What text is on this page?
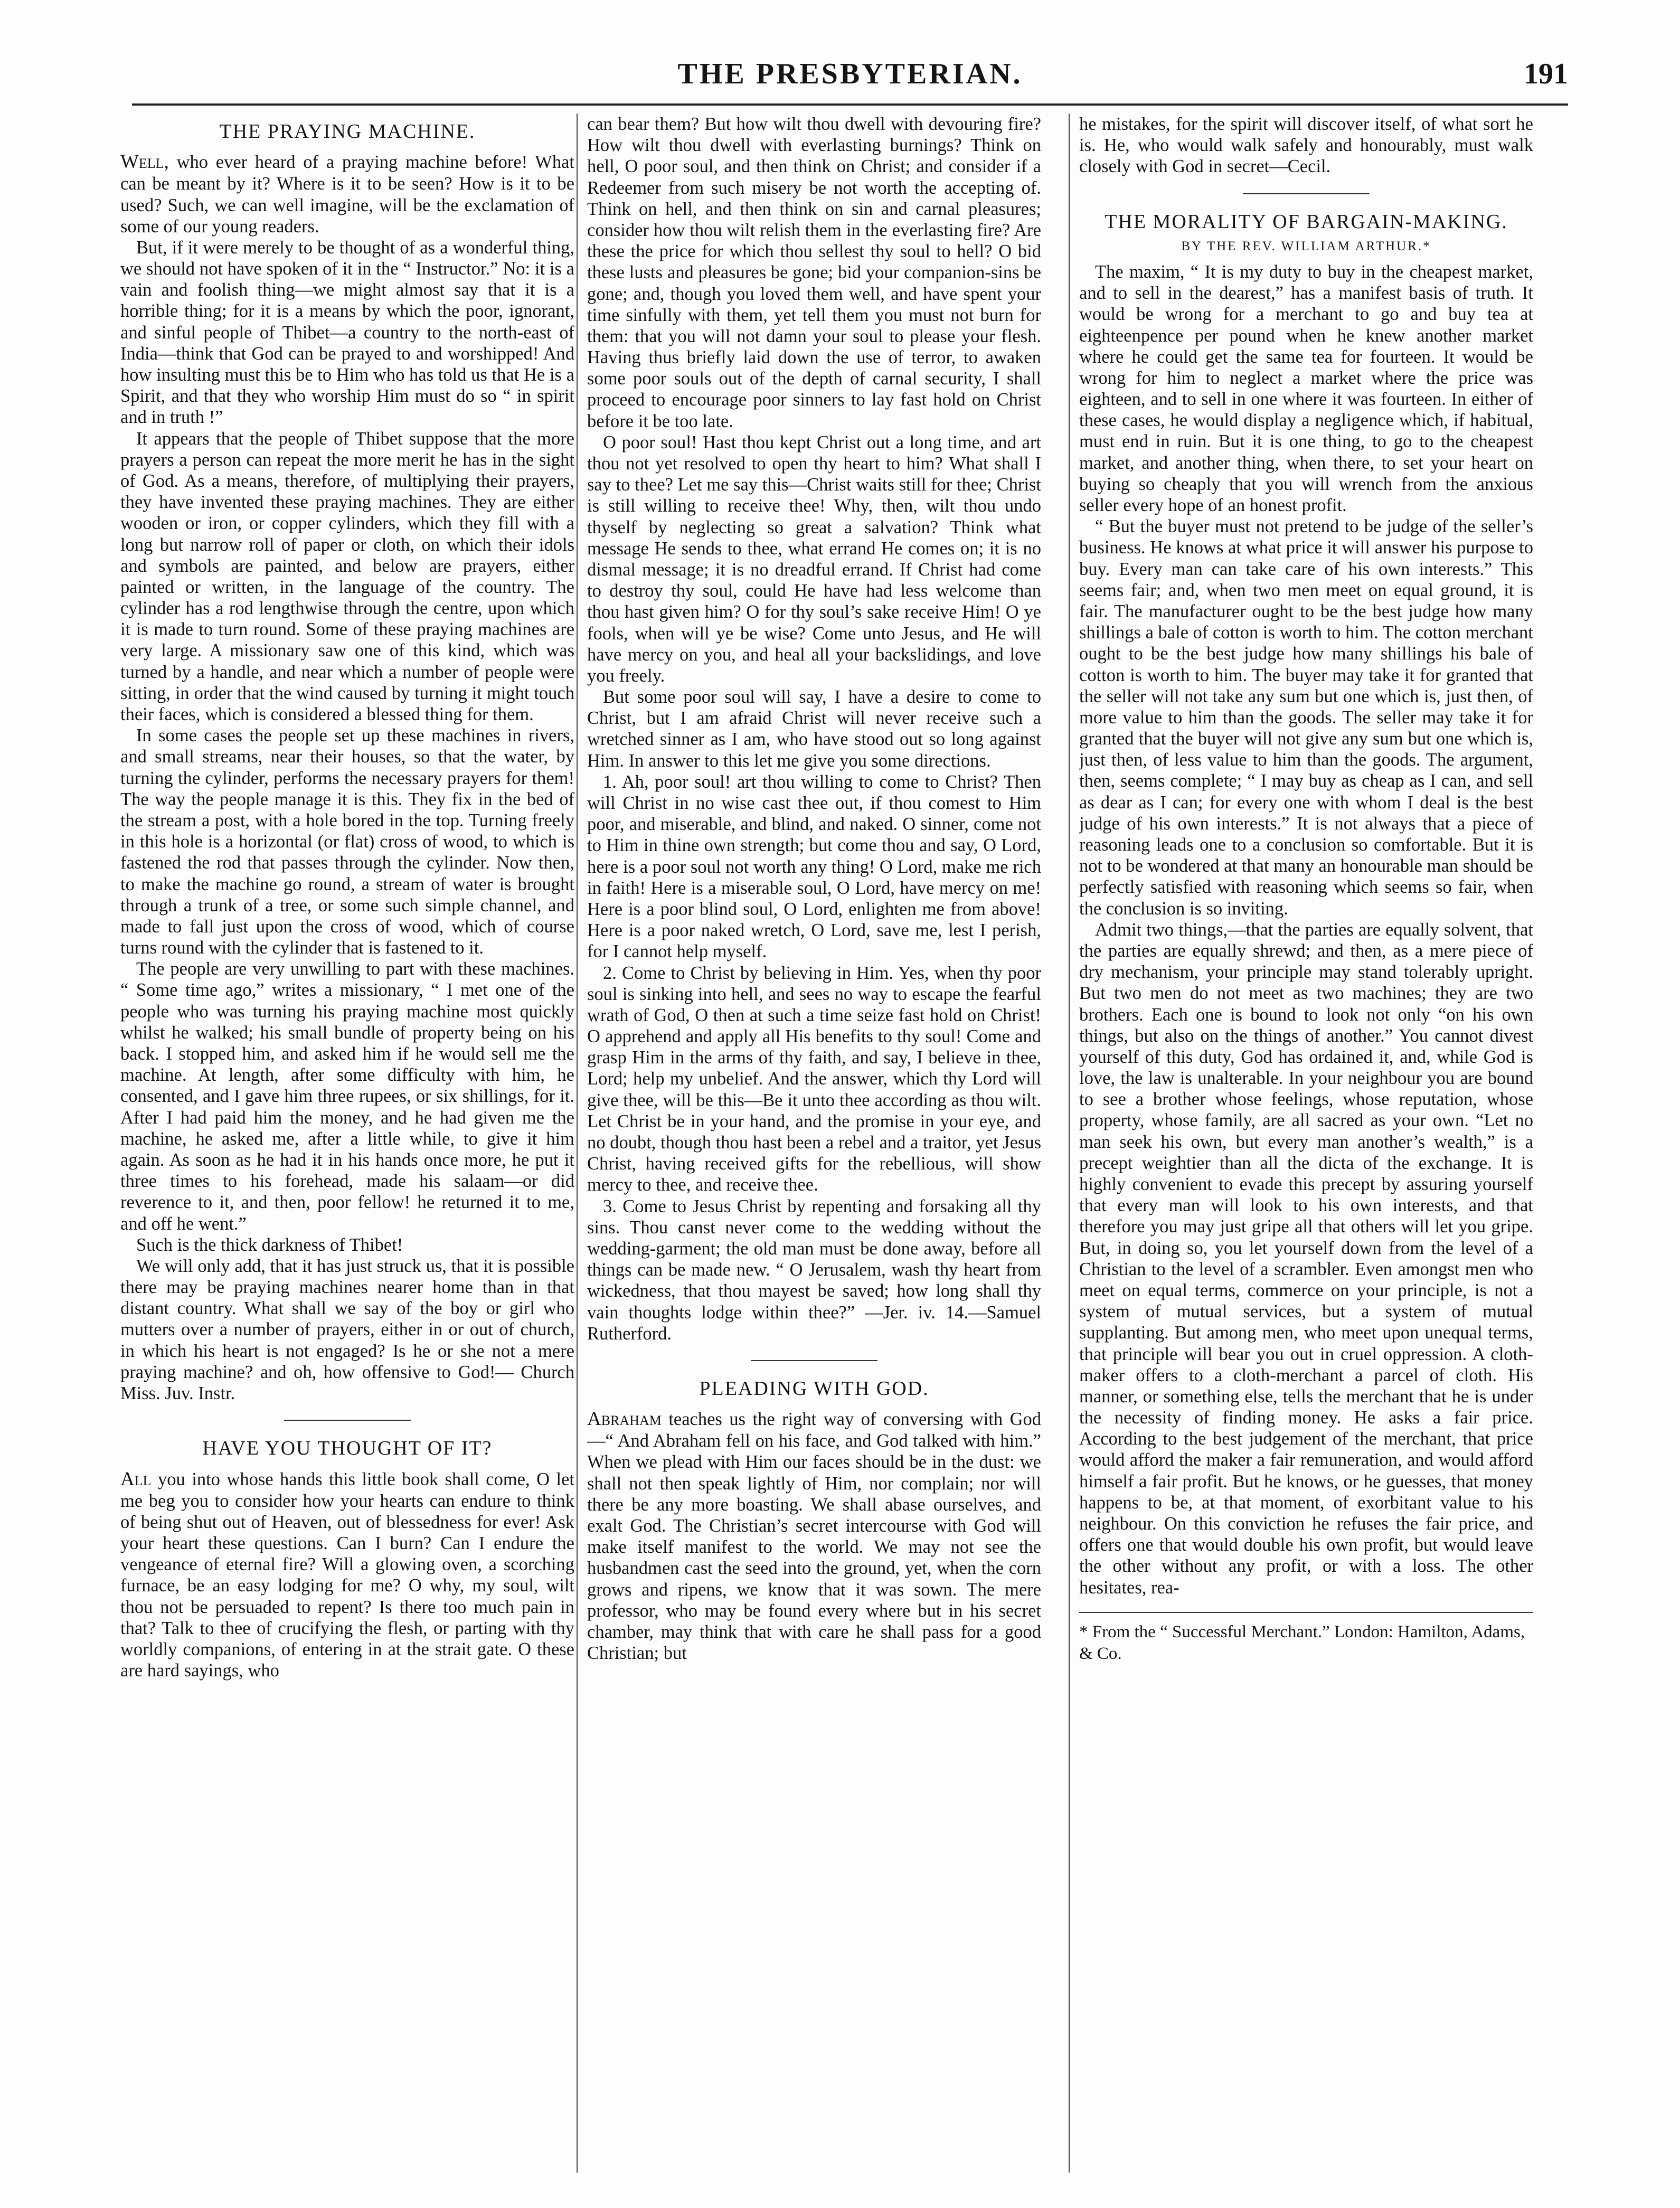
THE PRESBYTERIAN.	191
THE PRAYING MACHINE.

Well, who ever heard of a praying machine before! What can be meant by it? Where is it to be seen? How is it to be used? Such, we can well imagine, will be the exclamation of some of our young readers.

But, if it were merely to be thought of as a wonderful thing, we should not have spoken of it in the “ Instructor.” No: it is a vain and foolish thing—we might almost say that it is a horrible thing; for it is a means by which the poor, ignorant, and sinful people of Thibet—a country to the north-east of India—think that God can be prayed to and worshipped! And how insulting must this be to Him who has told us that He is a Spirit, and that they who worship Him must do so “ in spirit and in truth !”

It appears that the people of Thibet suppose that the more prayers a person can repeat the more merit he has in the sight of God. As a means, therefore, of multiplying their prayers, they have invented these praying machines. They are either wooden or iron, or copper cylinders, which they fill with a long but narrow roll of paper or cloth, on which their idols and symbols are painted, and below are prayers, either painted or written, in the language of the country. The cylinder has a rod lengthwise through the centre, upon which it is made to turn round. Some of these praying machines are very large. A missionary saw one of this kind, which was turned by a handle, and near which a number of people were sitting, in order that the wind caused by turning it might touch their faces, which is considered a blessed thing for them.

In some cases the people set up these machines in rivers, and small streams, near their houses, so that the water, by turning the cylinder, performs the necessary prayers for them! The way the people manage it is this. They fix in the bed of the stream a post, with a hole bored in the top. Turning freely in this hole is a horizontal (or flat) cross of wood, to which is fastened the rod that passes through the cylinder. Now then, to make the machine go round, a stream of water is brought through a trunk of a tree, or some such simple channel, and made to fall just upon the cross of wood, which of course turns round with the cylinder that is fastened to it.

The people are very unwilling to part with these machines. “ Some time ago,” writes a missionary, “ I met one of the people who was turning his praying machine most quickly whilst he walked; his small bundle of property being on his back. I stopped him, and asked him if he would sell me the machine. At length, after some difficulty with him, he consented, and I gave him three rupees, or six shillings, for it. After I had paid him the money, and he had given me the machine, he asked me, after a little while, to give it him again. As soon as he had it in his hands once more, he put it three times to his forehead, made his salaam—or did reverence to it, and then, poor fellow! he returned it to me, and off he went.”

Such is the thick darkness of Thibet!

We will only add, that it has just struck us, that it is possible there may be praying machines nearer home than in that distant country. What shall we say of the boy or girl who mutters over a number of prayers, either in or out of church, in which his heart is not engaged? Is he or she not a mere praying machine? and oh, how offensive to God!— Church Miss. Juv. Instr.

HAVE YOU THOUGHT OF IT?

All you into whose hands this little book shall come, O let me beg you to consider how your hearts can endure to think of being shut out of Heaven, out of blessedness for ever! Ask your heart these questions. Can I burn? Can I endure the vengeance of eternal fire? Will a glowing oven, a scorching furnace, be an easy lodging for me? O why, my soul, wilt thou not be persuaded to repent? Is there too much pain in that? Talk to thee of crucifying the flesh, or parting with thy worldly companions, of entering in at the strait gate. O these are hard sayings, who

can bear them? But how wilt thou dwell with devouring fire? How wilt thou dwell with everlasting burnings? Think on hell, O poor soul, and then think on Christ; and consider if a Redeemer from such misery be not worth the accepting of. Think on hell, and then think on sin and carnal pleasures; consider how thou wilt relish them in the everlasting fire? Are these the price for which thou sellest thy soul to hell? O bid these lusts and pleasures be gone; bid your companion-sins be gone; and, though you loved them well, and have spent your time sinfully with them, yet tell them you must not burn for them: that you will not damn your soul to please your flesh. Having thus briefly laid down the use of terror, to awaken some poor souls out of the depth of carnal security, I shall proceed to encourage poor sinners to lay fast hold on Christ before it be too late.

O poor soul! Hast thou kept Christ out a long time, and art thou not yet resolved to open thy heart to him? What shall I say to thee? Let me say this—Christ waits still for thee; Christ is still willing to receive thee! Why, then, wilt thou undo thyself by neglecting so great a salvation? Think what message He sends to thee, what errand He comes on; it is no dismal message; it is no dreadful errand. If Christ had come to destroy thy soul, could He have had less welcome than thou hast given him? O for thy soul’s sake receive Him! O ye fools, when will ye be wise? Come unto Jesus, and He will have mercy on you, and heal all your backslidings, and love you freely.

But some poor soul will say, I have a desire to come to Christ, but I am afraid Christ will never receive such a wretched sinner as I am, who have stood out so long against Him. In answer to this let me give you some directions.

1. Ah, poor soul! art thou willing to come to Christ? Then will Christ in no wise cast thee out, if thou comest to Him poor, and miserable, and blind, and naked. O sinner, come not to Him in thine own strength; but come thou and say, O Lord, here is a poor soul not worth any thing! O Lord, make me rich in faith! Here is a miserable soul, O Lord, have mercy on me! Here is a poor blind soul, O Lord, enlighten me from above! Here is a poor naked wretch, O Lord, save me, lest I perish, for I cannot help myself.

2. Come to Christ by believing in Him. Yes, when thy poor soul is sinking into hell, and sees no way to escape the fearful wrath of God, O then at such a time seize fast hold on Christ! O apprehend and apply all His benefits to thy soul! Come and grasp Him in the arms of thy faith, and say, I believe in thee, Lord; help my unbelief. And the answer, which thy Lord will give thee, will be this—Be it unto thee according as thou wilt. Let Christ be in your hand, and the promise in your eye, and no doubt, though thou hast been a rebel and a traitor, yet Jesus Christ, having received gifts for the rebellious, will show mercy to thee, and receive thee.

3. Come to Jesus Christ by repenting and forsaking all thy sins. Thou canst never come to the wedding without the wedding-garment; the old man must be done away, before all things can be made new. “ O Jerusalem, wash thy heart from wickedness, that thou mayest be saved; how long shall thy vain thoughts lodge within thee?” —Jer. iv. 14.—Samuel Rutherford.

PLEADING WITH GOD.

Abraham teaches us the right way of conversing with God—“ And Abraham fell on his face, and God talked with him.” When we plead with Him our faces should be in the dust: we shall not then speak lightly of Him, nor complain; nor will there be any more boasting. We shall abase ourselves, and exalt God. The Christian’s secret intercourse with God will make itself manifest to the world. We may not see the husbandmen cast the seed into the ground, yet, when the corn grows and ripens, we know that it was sown. The mere professor, who may be found every where but in his secret chamber, may think that with care he shall pass for a good Christian; but

he mistakes, for the spirit will discover itself, of what sort he is. He, who would walk safely and honourably, must walk closely with God in secret—Cecil.

THE MORALITY OF BARGAIN-MAKING.
BY THE REV. WILLIAM ARTHUR.*

The maxim, “ It is my duty to buy in the cheapest market, and to sell in the dearest,” has a manifest basis of truth. It would be wrong for a merchant to go and buy tea at eighteenpence per pound when he knew another market where he could get the same tea for fourteen. It would be wrong for him to neglect a market where the price was eighteen, and to sell in one where it was fourteen. In either of these cases, he would display a negligence which, if habitual, must end in ruin. But it is one thing, to go to the cheapest market, and another thing, when there, to set your heart on buying so cheaply that you will wrench from the anxious seller every hope of an honest profit.

“ But the buyer must not pretend to be judge of the seller’s business. He knows at what price it will answer his purpose to buy. Every man can take care of his own interests.” This seems fair; and, when two men meet on equal ground, it is fair. The manufacturer ought to be the best judge how many shillings a bale of cotton is worth to him. The cotton merchant ought to be the best judge how many shillings his bale of cotton is worth to him. The buyer may take it for granted that the seller will not take any sum but one which is, just then, of more value to him than the goods. The seller may take it for granted that the buyer will not give any sum but one which is, just then, of less value to him than the goods. The argument, then, seems complete; “ I may buy as cheap as I can, and sell as dear as I can; for every one with whom I deal is the best judge of his own interests.” It is not always that a piece of reasoning leads one to a conclusion so comfortable. But it is not to be wondered at that many an honourable man should be perfectly satisfied with reasoning which seems so fair, when the conclusion is so inviting.

Admit two things,—that the parties are equally solvent, that the parties are equally shrewd; and then, as a mere piece of dry mechanism, your principle may stand tolerably upright. But two men do not meet as two machines; they are two brothers. Each one is bound to look not only “on his own things, but also on the things of another.” You cannot divest yourself of this duty, God has ordained it, and, while God is love, the law is unalterable. In your neighbour you are bound to see a brother whose feelings, whose reputation, whose property, whose family, are all sacred as your own. “Let no man seek his own, but every man another’s wealth,” is a precept weightier than all the dicta of the exchange. It is highly convenient to evade this precept by assuring yourself that every man will look to his own interests, and that therefore you may just gripe all that others will let you gripe. But, in doing so, you let yourself down from the level of a Christian to the level of a scrambler. Even amongst men who meet on equal terms, commerce on your principle, is not a system of mutual services, but a system of mutual supplanting. But among men, who meet upon unequal terms, that principle will bear you out in cruel oppression. A cloth-maker offers to a cloth-merchant a parcel of cloth. His manner, or something else, tells the merchant that he is under the necessity of finding money. He asks a fair price. According to the best judgement of the merchant, that price would afford the maker a fair remuneration, and would afford himself a fair profit. But he knows, or he guesses, that money happens to be, at that moment, of exorbitant value to his neighbour. On this conviction he refuses the fair price, and offers one that would double his own profit, but would leave the other without any profit, or with a loss. The other hesitates, rea-

* From the “ Successful Merchant.” London: Hamilton, Adams, & Co.
